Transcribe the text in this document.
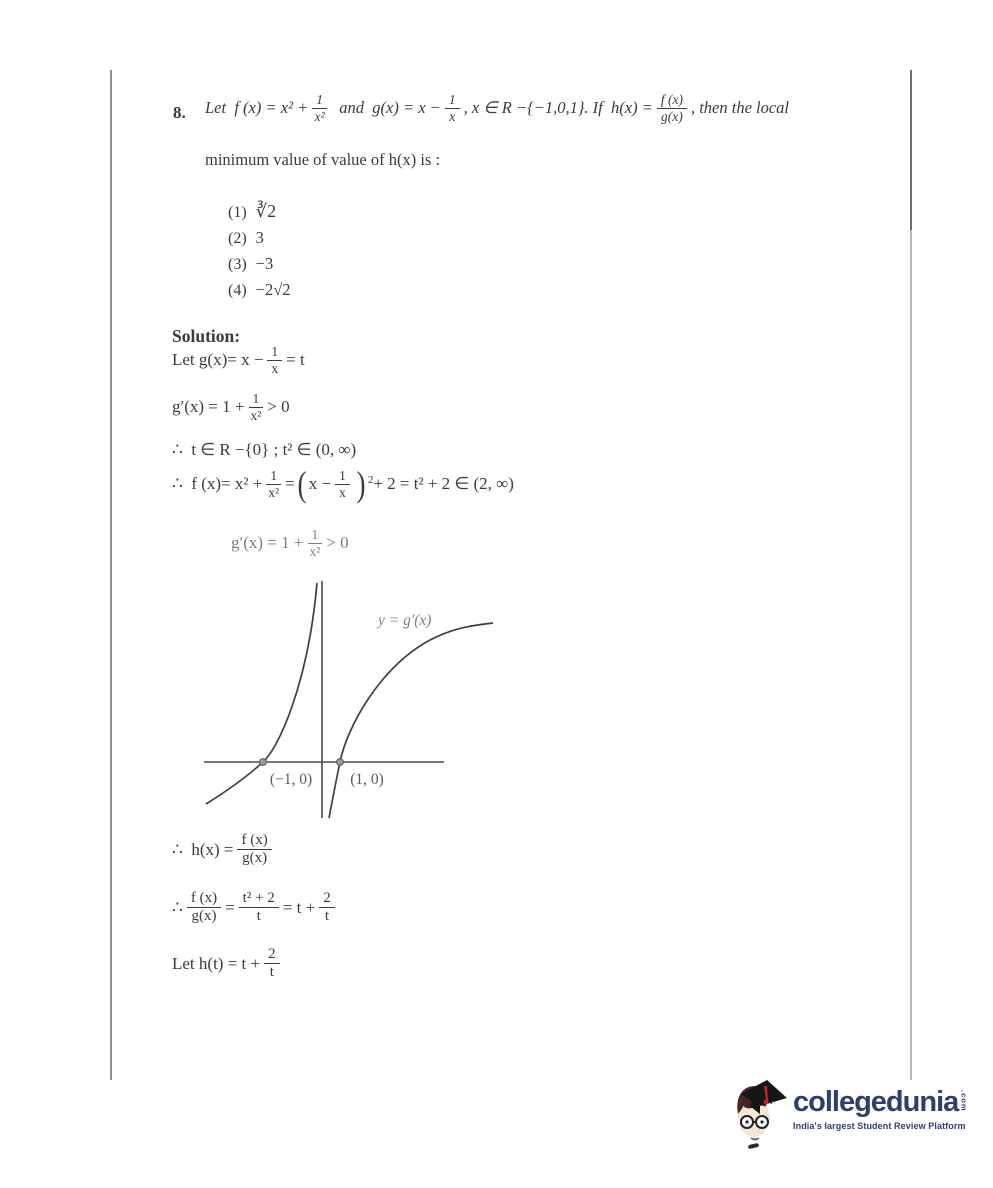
8. Let  f $(x) = x^2 + \frac{1}{\text{x²}}$ and  $g(x) = x - \frac{1}{x}$ , x ∈ R −{−1,0,1}. If  $h(x) = \frac{f (x)}{g(x)}$ , then the local
minimum value of value of h(x) is :
(1) ∛2
(2) 3
(3) −3
(4) −2√2
Solution:
Let $g(x)= x - \frac{1}{x} = t$
$g'(x) = 1 + \frac{1}{\text{x²}} > 0$
∴  t ∈ R −{0} ; t² ∈ (0, ∞)
∴  f $(x)= x^2 + \frac{1}{\text{x²}}$ = ( $x - \frac{1}{x} )^2 + 2 = t^2 + 2$ ∈ (2, ∞)
$g'(x) = 1 + \frac{1}{\text{x²}} > 0$
y = g′(x)
(−1, 0) (1, 0)
∴  $h(x) = \frac{f (x)}{g(x)}$
∴ $\frac{f (x)}{g(x)} = \frac{\text{t² + 2}}{t} = t + \frac{2}{t}$
Let $h(t) = t + \frac{2}{t}$
collegedunia .com
India's largest Student Review Platform
